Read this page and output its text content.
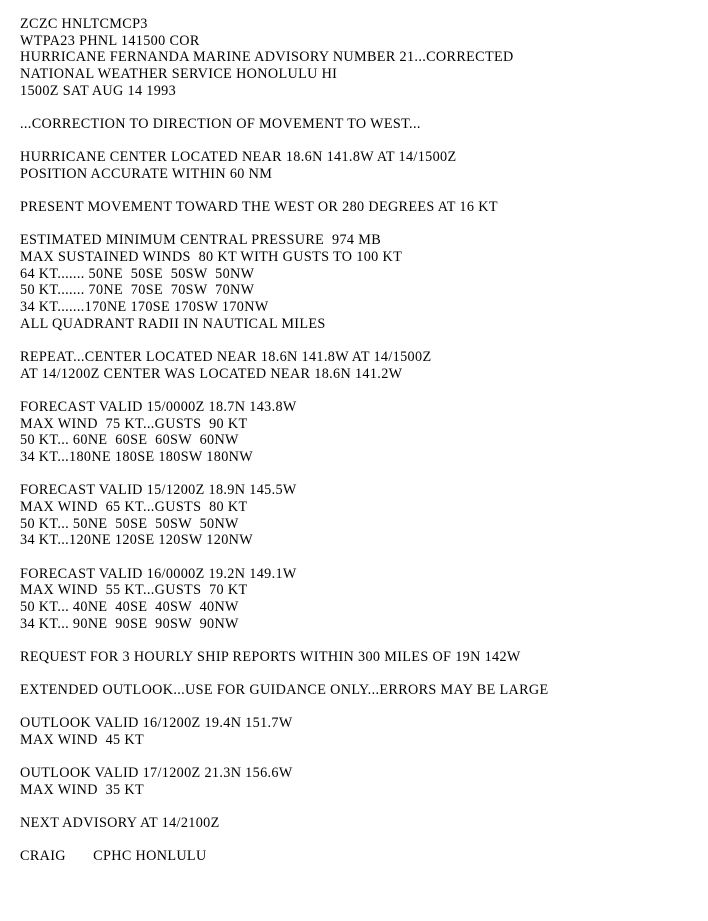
ZCZC HNLTCMCP3
WTPA23 PHNL 141500 COR
HURRICANE FERNANDA MARINE ADVISORY NUMBER 21...CORRECTED
NATIONAL WEATHER SERVICE HONOLULU HI
1500Z SAT AUG 14 1993
...CORRECTION TO DIRECTION OF MOVEMENT TO WEST...
HURRICANE CENTER LOCATED NEAR 18.6N 141.8W AT 14/1500Z
POSITION ACCURATE WITHIN 60 NM
PRESENT MOVEMENT TOWARD THE WEST OR 280 DEGREES AT 16 KT
ESTIMATED MINIMUM CENTRAL PRESSURE  974 MB
MAX SUSTAINED WINDS  80 KT WITH GUSTS TO 100 KT
64 KT....... 50NE  50SE  50SW  50NW
50 KT....... 70NE  70SE  70SW  70NW
34 KT.......170NE 170SE 170SW 170NW
ALL QUADRANT RADII IN NAUTICAL MILES
REPEAT...CENTER LOCATED NEAR 18.6N 141.8W AT 14/1500Z
AT 14/1200Z CENTER WAS LOCATED NEAR 18.6N 141.2W
FORECAST VALID 15/0000Z 18.7N 143.8W
MAX WIND  75 KT...GUSTS  90 KT
50 KT... 60NE  60SE  60SW  60NW
34 KT...180NE 180SE 180SW 180NW
FORECAST VALID 15/1200Z 18.9N 145.5W
MAX WIND  65 KT...GUSTS  80 KT
50 KT... 50NE  50SE  50SW  50NW
34 KT...120NE 120SE 120SW 120NW
FORECAST VALID 16/0000Z 19.2N 149.1W
MAX WIND  55 KT...GUSTS  70 KT
50 KT... 40NE  40SE  40SW  40NW
34 KT... 90NE  90SE  90SW  90NW
REQUEST FOR 3 HOURLY SHIP REPORTS WITHIN 300 MILES OF 19N 142W
EXTENDED OUTLOOK...USE FOR GUIDANCE ONLY...ERRORS MAY BE LARGE
OUTLOOK VALID 16/1200Z 19.4N 151.7W
MAX WIND  45 KT
OUTLOOK VALID 17/1200Z 21.3N 156.6W
MAX WIND  35 KT
NEXT ADVISORY AT 14/2100Z
CRAIG       CPHC HONLULU
